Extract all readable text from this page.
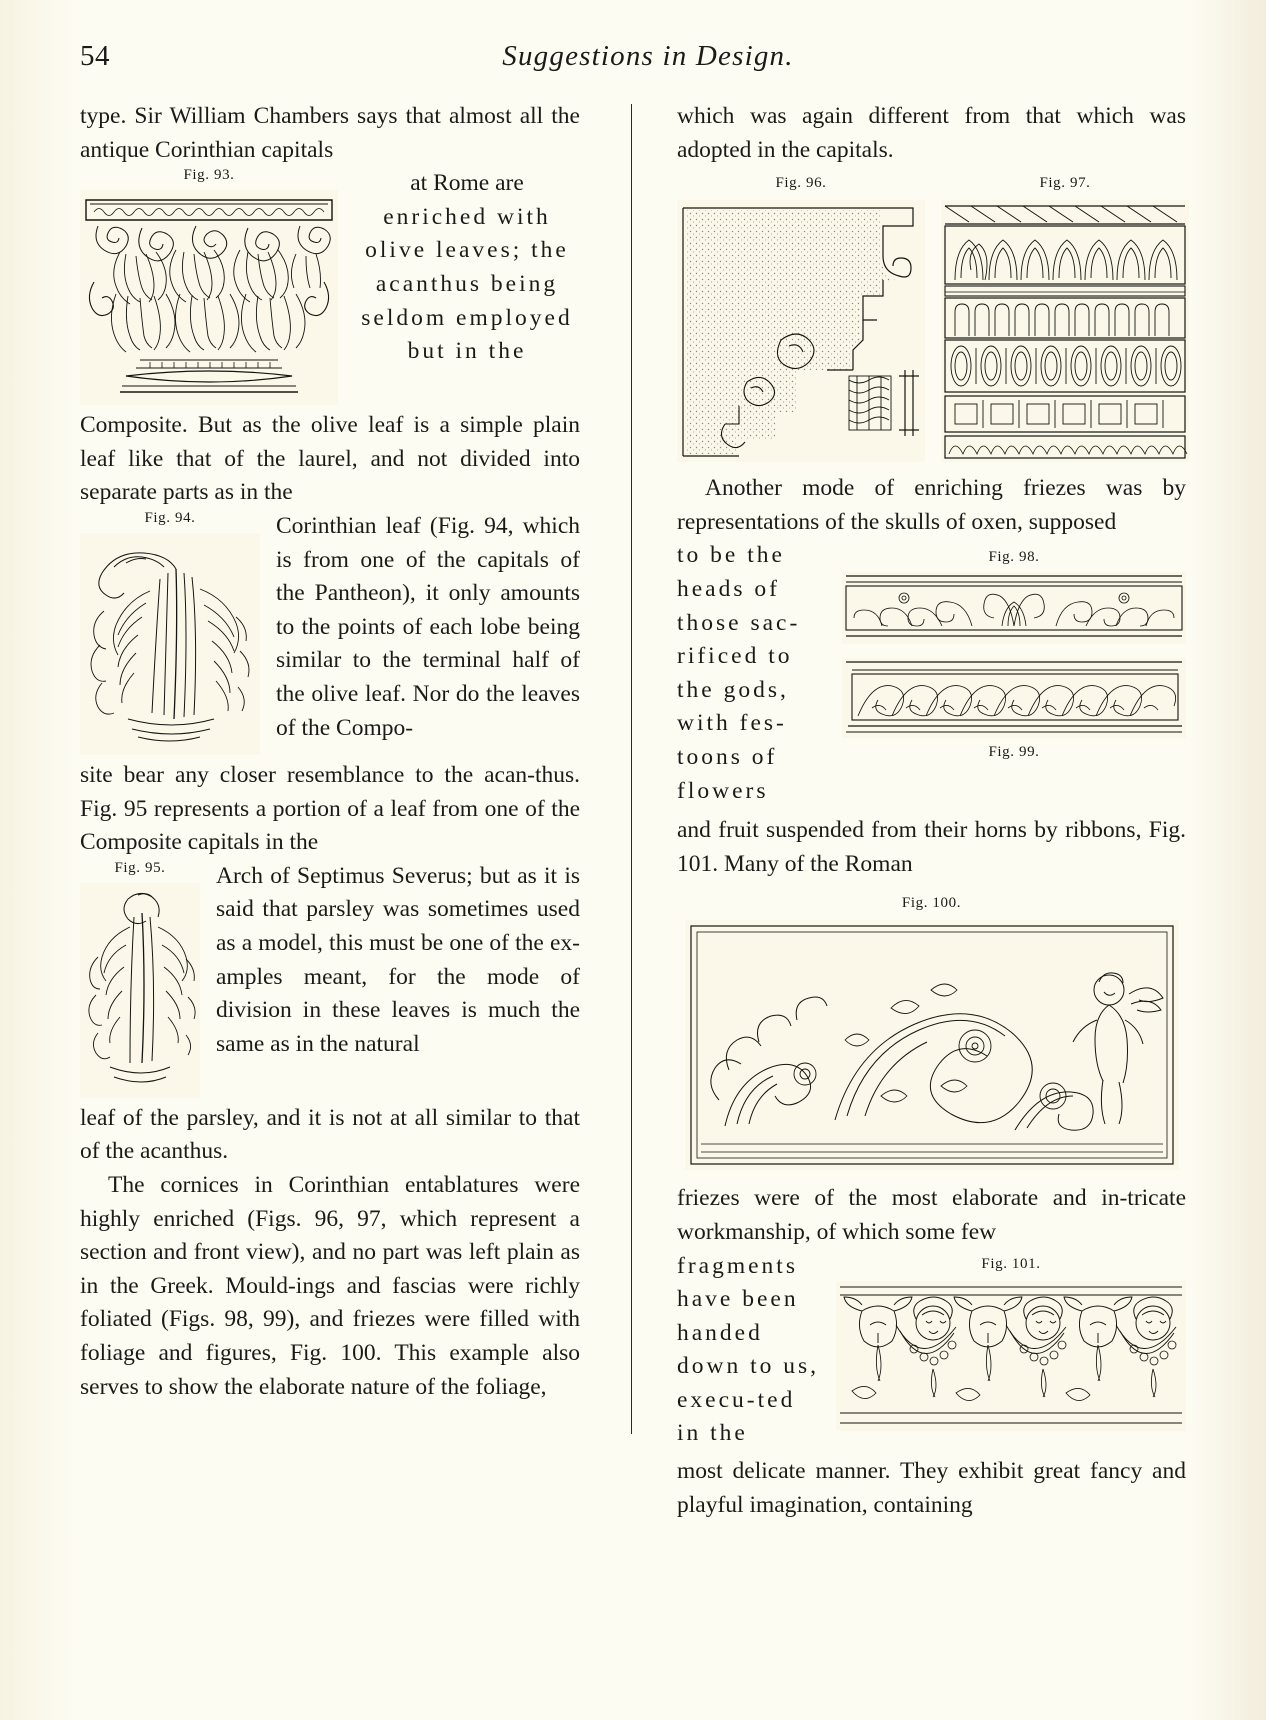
54	Suggestions in Design.

type. Sir William Chambers says that almost all the antique Corinthian capitals

Fig. 93.	at Rome are

enriched with olive leaves; the acanthus being seldom employed but in the

Composite. But as the olive leaf is a simple plain leaf like that of the laurel, and not divided into separate parts as in the

Fig. 94.	Corinthian leaf (Fig. 94, which is from one of the capitals of the Pantheon), it only amounts to the points of each lobe being similar to the terminal half of the olive leaf. Nor do the leaves of the Compo-

site bear any closer resemblance to the acan-thus. Fig. 95 represents a portion of a leaf from one of the Composite capitals in the

Fig. 95.	Arch of Septimus Severus; but as it is said that parsley was sometimes used as a model, this must be one of the ex-amples meant, for the mode of division in these leaves is much the same as in the natural

leaf of the parsley, and it is not at all similar to that of the acanthus.

The cornices in Corinthian entablatures were highly enriched (Figs. 96, 97, which represent a section and front view), and no part was left plain as in the Greek. Mould-ings and fascias were richly foliated (Figs. 98, 99), and friezes were filled with foliage and figures, Fig. 100. This example also serves to show the elaborate nature of the foliage,

which was again different from that which was adopted in the capitals.

Fig. 96.	Fig. 97.

Another mode of enriching friezes was by representations of the skulls of oxen, supposed

Fig. 98.
Fig. 99.

to be the heads of those sac-rificed to the gods, with fes-toons of flowers

and fruit suspended from their horns by ribbons, Fig. 101. Many of the Roman

Fig. 100.

friezes were of the most elaborate and in-tricate workmanship, of which some few

Fig. 101.

fragments have been handed down to us, execu-ted in the

most delicate manner. They exhibit great fancy and playful imagination, containing
